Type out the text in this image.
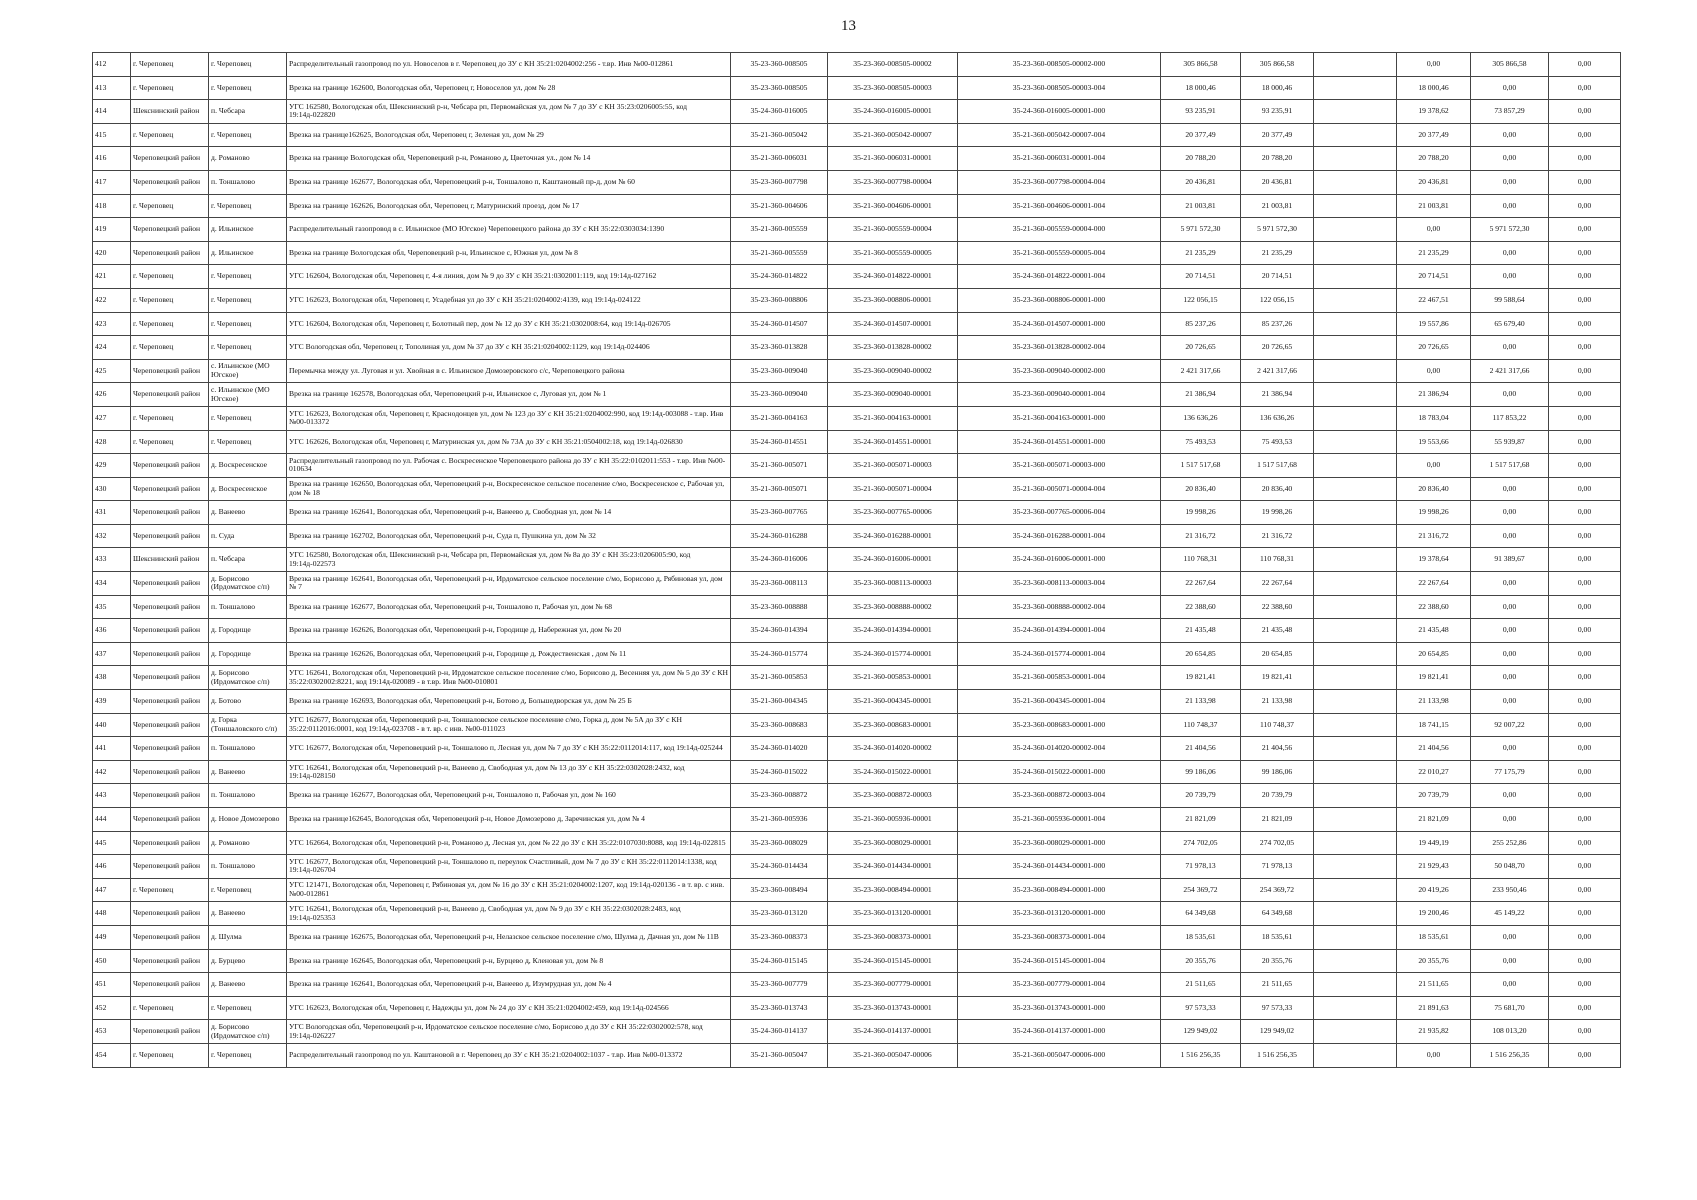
13
412	г. Череповец	г. Череповец	Распределительный газопровод по ул. Новоселов в г. Череповец до ЗУ с КН 35:21:0204002:256 - т.вр. Инв №00-012861	35-23-360-008505	35-23-360-008505-00002	35-23-360-008505-00002-000	305 866,58	305 866,58		0,00	305 866,58	0,00
413	г. Череповец	г. Череповец	Врезка на границе 162600, Вологодская обл, Череповец г, Новоселов ул, дом № 28	35-23-360-008505	35-23-360-008505-00003	35-23-360-008505-00003-004	18 000,46	18 000,46		18 000,46	0,00	0,00
414	Шекснинский район	п. Чебсара	УГС 162580, Вологодская обл, Шекснинский р-н, Чебсара рп, Первомайская ул, дом № 7 до ЗУ с КН 35:23:0206005:55, код 19:14д-022820	35-24-360-016005	35-24-360-016005-00001	35-24-360-016005-00001-000	93 235,91	93 235,91		19 378,62	73 857,29	0,00
415	г. Череповец	г. Череповец	Врезка на границе162625, Вологодская обл, Череповец г, Зеленая ул, дом № 29	35-21-360-005042	35-21-360-005042-00007	35-21-360-005042-00007-004	20 377,49	20 377,49		20 377,49	0,00	0,00
416	Череповецкий район	д. Романово	Врезка на границе Вологодская обл, Череповецкий р-н, Романово д, Цветочная ул., дом № 14	35-21-360-006031	35-21-360-006031-00001	35-21-360-006031-00001-004	20 788,20	20 788,20		20 788,20	0,00	0,00
417	Череповецкий район	п. Тоншалово	Врезка на границе 162677, Вологодская обл, Череповецкий р-н, Тоншалово п, Каштановый пр-д, дом № 60	35-23-360-007798	35-23-360-007798-00004	35-23-360-007798-00004-004	20 436,81	20 436,81		20 436,81	0,00	0,00
418	г. Череповец	г. Череповец	Врезка на границе 162626, Вологодская обл, Череповец г, Матуринский проезд, дом № 17	35-21-360-004606	35-21-360-004606-00001	35-21-360-004606-00001-004	21 003,81	21 003,81		21 003,81	0,00	0,00
419	Череповецкий район	д. Ильинское	Распределительный газопровод в с. Ильинское (МО Югское) Череповецкого района до ЗУ с КН 35:22:0303034:1390	35-21-360-005559	35-21-360-005559-00004	35-21-360-005559-00004-000	5 971 572,30	5 971 572,30		0,00	5 971 572,30	0,00
420	Череповецкий район	д. Ильинское	Врезка на границе Вологодская обл, Череповецкий р-н, Ильинское с, Южная ул, дом № 8	35-21-360-005559	35-21-360-005559-00005	35-21-360-005559-00005-004	21 235,29	21 235,29		21 235,29	0,00	0,00
421	г. Череповец	г. Череповец	УГС 162604, Вологодская обл, Череповец г, 4-я линия, дом № 9 до ЗУ с КН 35:21:0302001:119, код 19:14д-027162	35-24-360-014822	35-24-360-014822-00001	35-24-360-014822-00001-004	20 714,51	20 714,51		20 714,51	0,00	0,00
422	г. Череповец	г. Череповец	УГС 162623, Вологодская обл, Череповец г, Усадебная ул до ЗУ с КН 35:21:0204002:4139, код 19:14д-024122	35-23-360-008806	35-23-360-008806-00001	35-23-360-008806-00001-000	122 056,15	122 056,15		22 467,51	99 588,64	0,00
423	г. Череповец	г. Череповец	УГС 162604, Вологодская обл, Череповец г, Болотный пер, дом № 12 до ЗУ с КН 35:21:0302008:64, код 19:14д-026705	35-24-360-014507	35-24-360-014507-00001	35-24-360-014507-00001-000	85 237,26	85 237,26		19 557,86	65 679,40	0,00
424	г. Череповец	г. Череповец	УГС Вологодская обл, Череповец г, Тополиная ул, дом № 37 до ЗУ с КН 35:21:0204002:1129, код 19:14д-024406	35-23-360-013828	35-23-360-013828-00002	35-23-360-013828-00002-004	20 726,65	20 726,65		20 726,65	0,00	0,00
425	Череповецкий район	с. Ильинское (МО Югское)	Перемычка между ул. Луговая и ул. Хвойная в с. Ильинское Домозеровского с/с, Череповецкого района	35-23-360-009040	35-23-360-009040-00002	35-23-360-009040-00002-000	2 421 317,66	2 421 317,66		0,00	2 421 317,66	0,00
426	Череповецкий район	с. Ильинское (МО Югское)	Врезка на границе 162578, Вологодская обл, Череповецкий р-н, Ильинское с, Луговая ул, дом № 1	35-23-360-009040	35-23-360-009040-00001	35-23-360-009040-00001-004	21 386,94	21 386,94		21 386,94	0,00	0,00
427	г. Череповец	г. Череповец	УГС 162623, Вологодская обл, Череповец г, Краснодонцев ул, дом № 123 до ЗУ с КН 35:21:0204002:990, код 19:14д-003088 - т.вр. Инв №00-013372	35-21-360-004163	35-21-360-004163-00001	35-21-360-004163-00001-000	136 636,26	136 636,26		18 783,04	117 853,22	0,00
428	г. Череповец	г. Череповец	УГС 162626, Вологодская обл, Череповец г, Матуринская ул, дом № 73А до ЗУ с КН 35:21:0504002:18, код 19:14д-026830	35-24-360-014551	35-24-360-014551-00001	35-24-360-014551-00001-000	75 493,53	75 493,53		19 553,66	55 939,87	0,00
429	Череповецкий район	д. Воскресенское	Распределительный газопровод по ул. Рабочая с. Воскресенское Череповецкого района до ЗУ с КН 35:22:0102011:553 - т.вр. Инв №00-010634	35-21-360-005071	35-21-360-005071-00003	35-21-360-005071-00003-000	1 517 517,68	1 517 517,68		0,00	1 517 517,68	0,00
430	Череповецкий район	д. Воскресенское	Врезка на границе 162650, Вологодская обл, Череповецкий р-н, Воскресенское сельское поселение с/мо, Воскресенское с, Рабочая ул, дом № 18	35-21-360-005071	35-21-360-005071-00004	35-21-360-005071-00004-004	20 836,40	20 836,40		20 836,40	0,00	0,00
431	Череповецкий район	д. Ванеево	Врезка на границе 162641, Вологодская обл, Череповецкий р-н, Ванеево д, Свободная ул, дом № 14	35-23-360-007765	35-23-360-007765-00006	35-23-360-007765-00006-004	19 998,26	19 998,26		19 998,26	0,00	0,00
432	Череповецкий район	п. Суда	Врезка на границе 162702, Вологодская обл, Череповецкий р-н, Суда п, Пушкина ул, дом № 32	35-24-360-016288	35-24-360-016288-00001	35-24-360-016288-00001-004	21 316,72	21 316,72		21 316,72	0,00	0,00
433	Шекснинский район	п. Чебсара	УГС 162580, Вологодская обл, Шекснинский р-н, Чебсара рп, Первомайская ул, дом № 8а до ЗУ с КН 35:23:0206005:90, код 19:14д-022573	35-24-360-016006	35-24-360-016006-00001	35-24-360-016006-00001-000	110 768,31	110 768,31		19 378,64	91 389,67	0,00
434	Череповецкий район	д. Борисово (Ирдоматское с/п)	Врезка на границе 162641, Вологодская обл, Череповецкий р-н, Ирдоматское сельское поселение с/мо, Борисово д, Рябиновая ул, дом № 7	35-23-360-008113	35-23-360-008113-00003	35-23-360-008113-00003-004	22 267,64	22 267,64		22 267,64	0,00	0,00
435	Череповецкий район	п. Тоншалово	Врезка на границе 162677, Вологодская обл, Череповецкий р-н, Тоншалово п, Рабочая ул, дом № 68	35-23-360-008888	35-23-360-008888-00002	35-23-360-008888-00002-004	22 388,60	22 388,60		22 388,60	0,00	0,00
436	Череповецкий район	д. Городище	Врезка на границе 162626, Вологодская обл, Череповецкий р-н, Городище д, Набережная ул, дом № 20	35-24-360-014394	35-24-360-014394-00001	35-24-360-014394-00001-004	21 435,48	21 435,48		21 435,48	0,00	0,00
437	Череповецкий район	д. Городище	Врезка на границе 162626, Вологодская обл, Череповецкий р-н, Городище д, Рождественская , дом № 11	35-24-360-015774	35-24-360-015774-00001	35-24-360-015774-00001-004	20 654,85	20 654,85		20 654,85	0,00	0,00
438	Череповецкий район	д. Борисово (Ирдоматское с/п)	УГС 162641, Вологодская обл, Череповецкий р-н, Ирдоматское сельское поселение с/мо, Борисово д, Весенняя ул, дом № 5 до ЗУ с КН 35:22:0302002:8221, код 19:14д-020089 - в т.вр. Инв №00-010801	35-21-360-005853	35-21-360-005853-00001	35-21-360-005853-00001-004	19 821,41	19 821,41		19 821,41	0,00	0,00
439	Череповецкий район	д. Ботово	Врезка на границе 162693, Вологодская обл, Череповецкий р-н, Ботово д, Большедворская ул, дом № 25 Б	35-21-360-004345	35-21-360-004345-00001	35-21-360-004345-00001-004	21 133,98	21 133,98		21 133,98	0,00	0,00
440	Череповецкий район	д. Горка (Тоншаловского с/п)	УГС 162677, Вологодская обл, Череповецкий р-н, Тоншаловское сельское поселение с/мо, Горка д, дом № 5А до ЗУ с КН 35:22:0112016:0001, код 19:14д-023708 - в т. вр. с инв. №00-011023	35-23-360-008683	35-23-360-008683-00001	35-23-360-008683-00001-000	110 748,37	110 748,37		18 741,15	92 007,22	0,00
441	Череповецкий район	п. Тоншалово	УГС 162677, Вологодская обл, Череповецкий р-н, Тоншалово п, Лесная ул, дом № 7 до ЗУ с КН 35:22:0112014:117, код 19:14д-025244	35-24-360-014020	35-24-360-014020-00002	35-24-360-014020-00002-004	21 404,56	21 404,56		21 404,56	0,00	0,00
442	Череповецкий район	д. Ванеево	УГС 162641, Вологодская обл, Череповецкий р-н, Ванеево д, Свободная ул, дом № 13 до ЗУ с КН 35:22:0302028:2432, код 19:14д-028150	35-24-360-015022	35-24-360-015022-00001	35-24-360-015022-00001-000	99 186,06	99 186,06		22 010,27	77 175,79	0,00
443	Череповецкий район	п. Тоншалово	Врезка на границе 162677, Вологодская обл, Череповецкий р-н, Тоншалово п, Рабочая ул, дом № 160	35-23-360-008872	35-23-360-008872-00003	35-23-360-008872-00003-004	20 739,79	20 739,79		20 739,79	0,00	0,00
444	Череповецкий район	д. Новое Домозерово	Врезка на границе162645, Вологодская обл, Череповецкий р-н, Новое Домозерово д, Заречинская ул, дом № 4	35-21-360-005936	35-21-360-005936-00001	35-21-360-005936-00001-004	21 821,09	21 821,09		21 821,09	0,00	0,00
445	Череповецкий район	д. Романово	УГС 162664, Вологодская обл, Череповецкий р-н, Романово д, Лесная ул, дом № 22 до ЗУ с КН 35:22:0107030:8088, код 19:14д-022815	35-23-360-008029	35-23-360-008029-00001	35-23-360-008029-00001-000	274 702,05	274 702,05		19 449,19	255 252,86	0,00
446	Череповецкий район	п. Тоншалово	УГС 162677, Вологодская обл, Череповецкий р-н, Тоншалово п, переулок Счастливый, дом № 7 до ЗУ с КН 35:22:0112014:1338, код 19:14д-026704	35-24-360-014434	35-24-360-014434-00001	35-24-360-014434-00001-000	71 978,13	71 978,13		21 929,43	50 048,70	0,00
447	г. Череповец	г. Череповец	УГС 121471, Вологодская обл, Череповец г, Рябиновая ул, дом № 16 до ЗУ с КН 35:21:0204002:1207, код 19:14д-020136 - в т. вр. с инв. №00-012861	35-23-360-008494	35-23-360-008494-00001	35-23-360-008494-00001-000	254 369,72	254 369,72		20 419,26	233 950,46	0,00
448	Череповецкий район	д. Ванеево	УГС 162641, Вологодская обл, Череповецкий р-н, Ванеево д, Свободная ул, дом № 9 до ЗУ с КН 35:22:0302028:2483, код 19:14д-025353	35-23-360-013120	35-23-360-013120-00001	35-23-360-013120-00001-000	64 349,68	64 349,68		19 200,46	45 149,22	0,00
449	Череповецкий район	д. Шулма	Врезка на границе 162675, Вологодская обл, Череповецкий р-н, Нелазское сельское поселение с/мо, Шулма д, Дачная ул, дом № 11В	35-23-360-008373	35-23-360-008373-00001	35-23-360-008373-00001-004	18 535,61	18 535,61		18 535,61	0,00	0,00
450	Череповецкий район	д. Бурцево	Врезка на границе 162645, Вологодская обл, Череповецкий р-н, Бурцево д, Кленовая ул, дом № 8	35-24-360-015145	35-24-360-015145-00001	35-24-360-015145-00001-004	20 355,76	20 355,76		20 355,76	0,00	0,00
451	Череповецкий район	д. Ванеево	Врезка на границе 162641, Вологодская обл, Череповецкий р-н, Ванеево д, Изумрудная ул, дом № 4	35-23-360-007779	35-23-360-007779-00001	35-23-360-007779-00001-004	21 511,65	21 511,65		21 511,65	0,00	0,00
452	г. Череповец	г. Череповец	УГС 162623, Вологодская обл, Череповец г, Надежды ул, дом № 24 до ЗУ с КН 35:21:0204002:459, код 19:14д-024566	35-23-360-013743	35-23-360-013743-00001	35-23-360-013743-00001-000	97 573,33	97 573,33		21 891,63	75 681,70	0,00
453	Череповецкий район	д. Борисово (Ирдоматское с/п)	УГС Вологодская обл, Череповецкий р-н, Ирдоматское сельское поселение с/мо, Борисово д до ЗУ с КН 35:22:0302002:578, код 19:14д-026227	35-24-360-014137	35-24-360-014137-00001	35-24-360-014137-00001-000	129 949,02	129 949,02		21 935,82	108 013,20	0,00
454	г. Череповец	г. Череповец	Распределительный газопровод по ул. Каштановой в г. Череповец до ЗУ с КН 35:21:0204002:1037 - т.вр. Инв №00-013372	35-21-360-005047	35-21-360-005047-00006	35-21-360-005047-00006-000	1 516 256,35	1 516 256,35		0,00	1 516 256,35	0,00
